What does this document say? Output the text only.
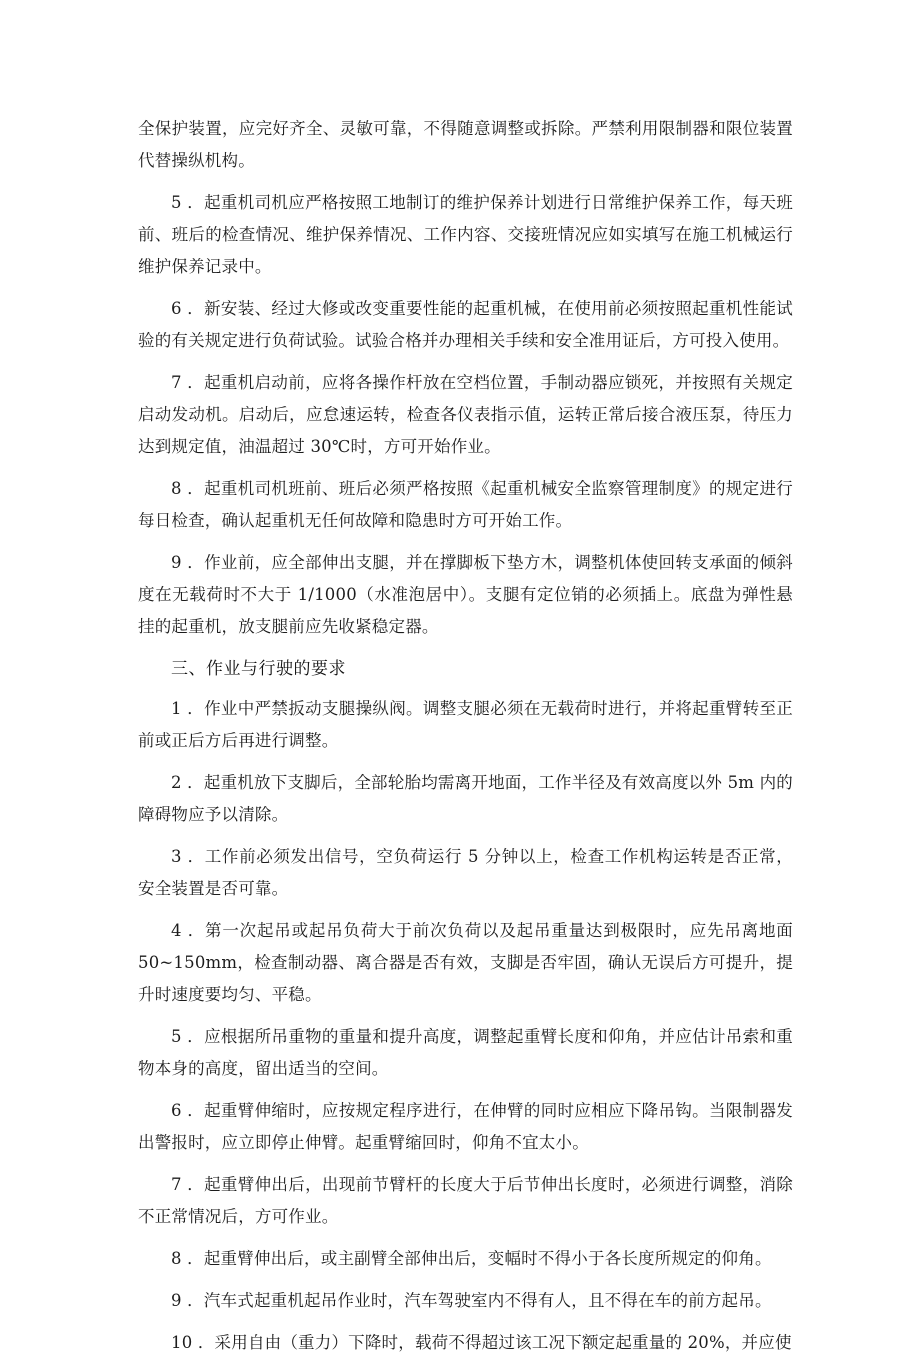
全保护装置，应完好齐全、灵敏可靠，不得随意调整或拆除。严禁利用限制器和限位装置代替操纵机构。

5 ．起重机司机应严格按照工地制订的维护保养计划进行日常维护保养工作，每天班前、班后的检查情况、维护保养情况、工作内容、交接班情况应如实填写在施工机械运行维护保养记录中。

6 ．新安装、经过大修或改变重要性能的起重机械，在使用前必须按照起重机性能试验的有关规定进行负荷试验。试验合格并办理相关手续和安全准用证后，方可投入使用。

7 ．起重机启动前，应将各操作杆放在空档位置，手制动器应锁死，并按照有关规定启动发动机。启动后，应怠速运转，检查各仪表指示值，运转正常后接合液压泵，待压力达到规定值，油温超过 30℃时，方可开始作业。

8 ．起重机司机班前、班后必须严格按照《起重机械安全监察管理制度》的规定进行每日检查，确认起重机无任何故障和隐患时方可开始工作。

9 ．作业前，应全部伸出支腿，并在撑脚板下垫方木，调整机体使回转支承面的倾斜度在无载荷时不大于 1/1000（水准泡居中）。支腿有定位销的必须插上。底盘为弹性悬挂的起重机，放支腿前应先收紧稳定器。

三、作业与行驶的要求

1 ．作业中严禁扳动支腿操纵阀。调整支腿必须在无载荷时进行，并将起重臂转至正前或正后方后再进行调整。

2 ．起重机放下支脚后，全部轮胎均需离开地面，工作半径及有效高度以外 5m 内的障碍物应予以清除。

3 ．工作前必须发出信号，空负荷运行 5 分钟以上，检查工作机构运转是否正常，安全装置是否可靠。

4 ．第一次起吊或起吊负荷大于前次负荷以及起吊重量达到极限时，应先吊离地面 50~150mm，检查制动器、离合器是否有效，支脚是否牢固，确认无误后方可提升，提升时速度要均匀、平稳。

5 ．应根据所吊重物的重量和提升高度，调整起重臂长度和仰角，并应估计吊索和重物本身的高度，留出适当的空间。

6 ．起重臂伸缩时，应按规定程序进行，在伸臂的同时应相应下降吊钩。当限制器发出警报时，应立即停止伸臂。起重臂缩回时，仰角不宜太小。

7 ．起重臂伸出后，出现前节臂杆的长度大于后节伸出长度时，必须进行调整，消除不正常情况后，方可作业。

8 ．起重臂伸出后，或主副臂全部伸出后，变幅时不得小于各长度所规定的仰角。

9 ．汽车式起重机起吊作业时，汽车驾驶室内不得有人，且不得在车的前方起吊。

10 ．采用自由（重力）下降时，载荷不得超过该工况下额定起重量的 20%，并应使
